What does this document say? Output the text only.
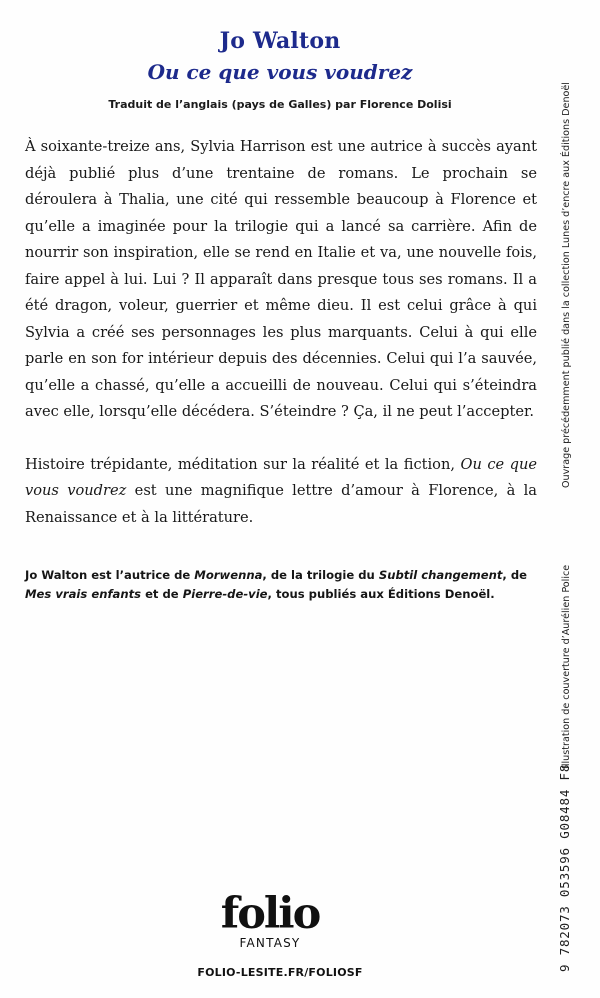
Jo Walton
Ou ce que vous voudrez
Traduit de l’anglais (pays de Galles) par Florence Dolisi

À soixante-treize ans, Sylvia Harrison est une autrice à succès ayant déjà publié plus d’une trentaine de romans. Le prochain se déroulera à Thalia, une cité qui ressemble beaucoup à Florence et qu’elle a imaginée pour la trilogie qui a lancé sa carrière. Afin de nourrir son inspiration, elle se rend en Italie et va, une nouvelle fois, faire appel à lui. Lui ? Il apparaît dans presque tous ses romans. Il a été dragon, voleur, guerrier et même dieu. Il est celui grâce à qui Sylvia a créé ses personnages les plus marquants. Celui à qui elle parle en son for intérieur depuis des décennies. Celui qui l’a sauvée, qu’elle a chassé, qu’elle a accueilli de nouveau. Celui qui s’éteindra avec elle, lorsqu’elle décédera. S’éteindre ? Ça, il ne peut l’accepter.

Histoire trépidante, méditation sur la réalité et la fiction, Ou ce que vous voudrez est une magnifique lettre d’amour à Florence, à la Renaissance et à la littérature.

Jo Walton est l’autrice de Morwenna, de la trilogie du Subtil changement, de Mes vrais enfants et de Pierre-de-vie, tous publiés aux Éditions Denoël.
Ouvrage précédemment publié dans la collection Lunes d’encre aux Éditions Denoël
Illustration de couverture d’Aurélien Police
9 782073 053596 G08484 F8
folio
FANTASY
FOLIO-LESITE.FR/FOLIOSF
